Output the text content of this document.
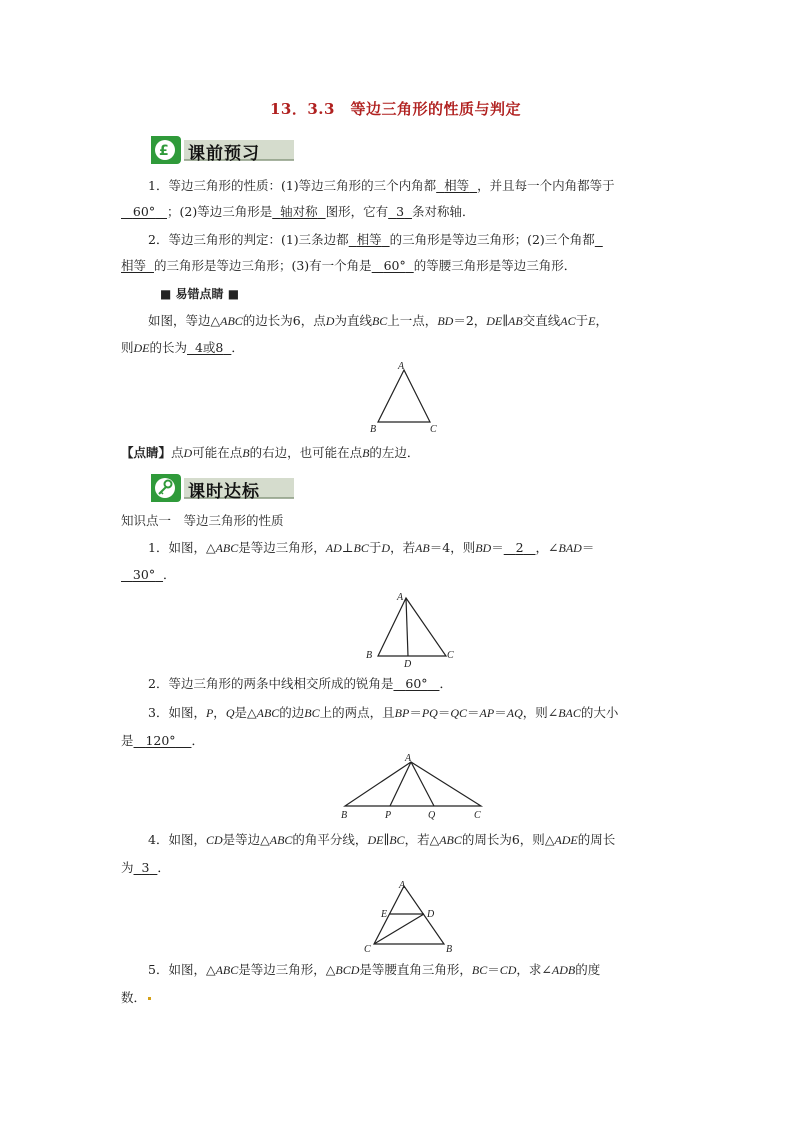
13．3.3　等边三角形的性质与判定
£ 课前预习
1．等边三角形的性质：(1)等边三角形的三个内角都 相等 ，并且每一个内角都等于
60° ；(2)等边三角形是 轴对称 图形，它有 3 条对称轴．
2．等边三角形的判定：(1)三条边都 相等 的三角形是等边三角形；(2)三个角都
相等 的三角形是等边三角形；(3)有一个角是 60° 的等腰三角形是等边三角形．
■ 易错点睛 ■
如图，等边△ABC的边长为6，点D为直线BC上一点，BD＝2，DE∥AB交直线AC于E，
则DE的长为 4或8 ．
A
B	C
【点睛】点D可能在点B的右边，也可能在点B的左边．
课时达标
知识点一　等边三角形的性质
1．如图，△ABC是等边三角形，AD⊥BC于D，若AB＝4，则BD＝ 2 ，∠BAD＝
30° ．
A
B	C
D
2．等边三角形的两条中线相交所成的锐角是 60° ．
3．如图，P，Q是△ABC的边BC上的两点，且BP＝PQ＝QC＝AP＝AQ，则∠BAC的大小
是 120° ．
A
B	P	Q	C
4．如图，CD是等边△ABC的角平分线，DE∥BC，若△ABC的周长为6，则△ADE的周长
为 3 ．
A
E	D
C	B
5．如图，△ABC是等边三角形，△BCD是等腰直角三角形，BC＝CD，求∠ADB的度
数．
